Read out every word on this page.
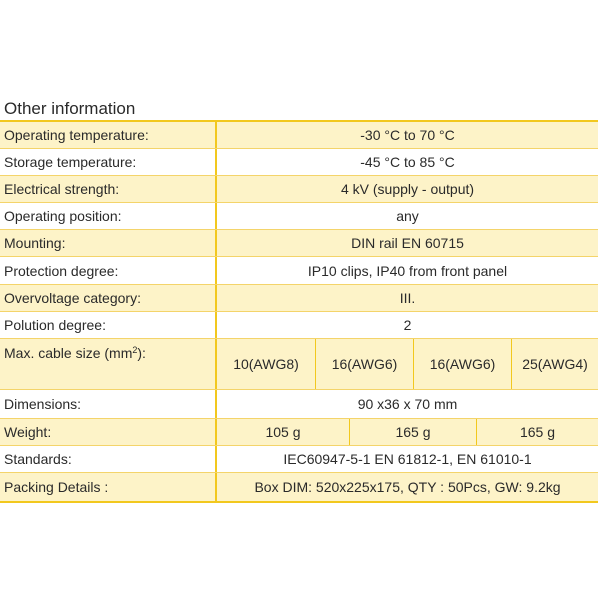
Other information
Operating temperature:	-30 °C to 70 °C
Storage temperature:	-45 °C to 85 °C
Electrical strength:	4 kV (supply - output)
Operating position:	any
Mounting:	DIN rail EN 60715
Protection degree:	IP10 clips, IP40 from front panel
Overvoltage category:	III.
Polution degree:	2
Max. cable size ($mm^2$ ):
10(AWG8)	16(AWG6)	16(AWG6)	25(AWG4)
Dimensions:	90 x36 x 70 mm
Weight:	105 g	165 g	165 g
Standards:	IEC60947-5-1 EN 61812-1, EN 61010-1
Packing Details :	Box DIM: 520x225x175, QTY : 50Pcs, GW: 9.2kg
